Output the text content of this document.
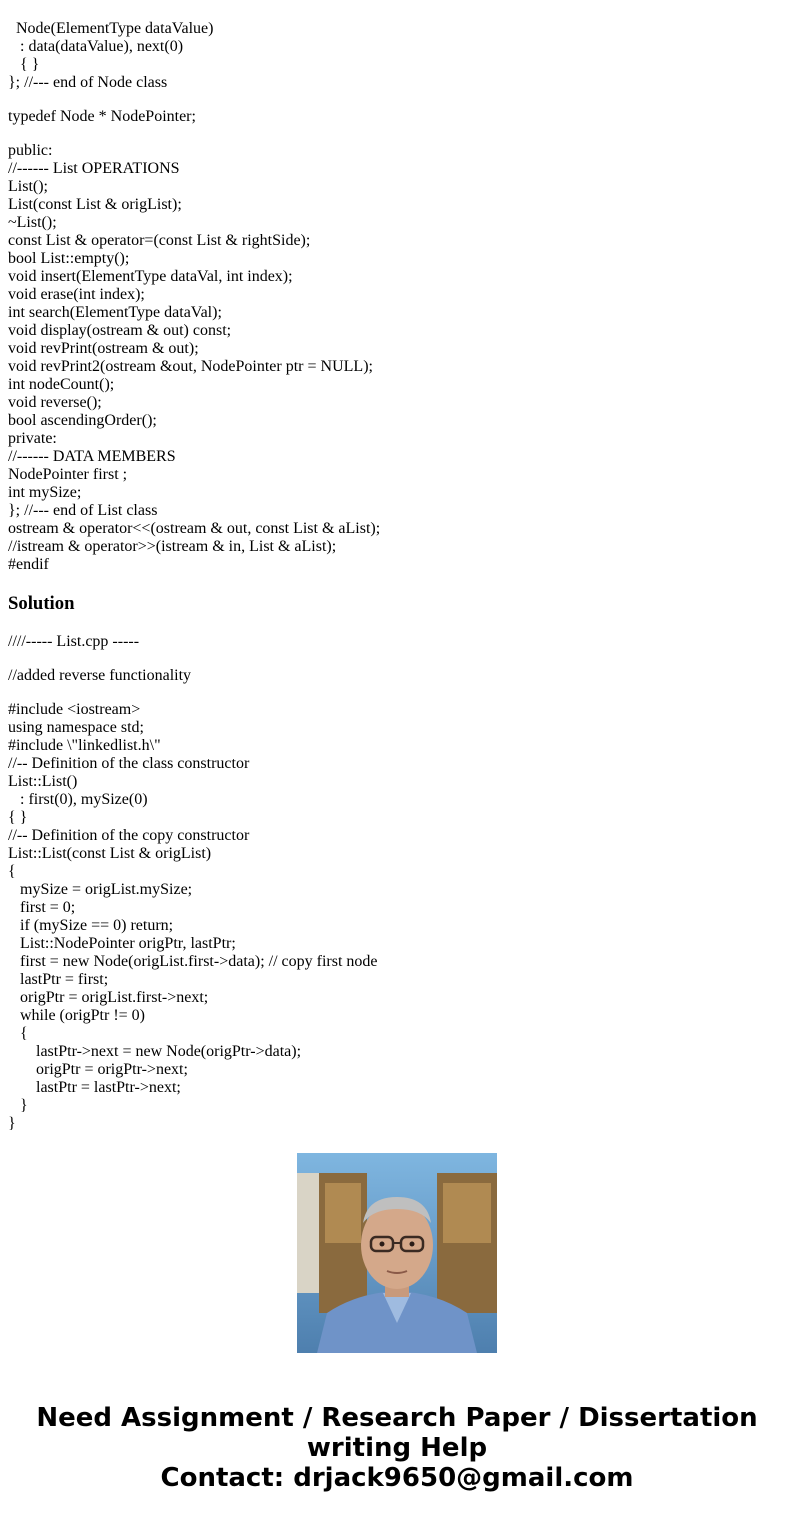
Node(ElementType dataValue)
: data(dataValue), next(0)
{ }
}; //--- end of Node class
typedef Node * NodePointer;
public:
//------ List OPERATIONS
List();
List(const List & origList);
~List();
const List & operator=(const List & rightSide);
bool List::empty();
void insert(ElementType dataVal, int index);
void erase(int index);
int search(ElementType dataVal);
void display(ostream & out) const;
void revPrint(ostream & out);
void revPrint2(ostream &out, NodePointer ptr = NULL);
int nodeCount();
void reverse();
bool ascendingOrder();
private:
//------ DATA MEMBERS
NodePointer first ;
int mySize;
}; //--- end of List class
ostream & operator<<(ostream & out, const List & aList);
//istream & operator>>(istream & in, List & aList);
#endif
Solution
////----- List.cpp -----
//added reverse functionality
#include <iostream>
using namespace std;
#include \"linkedlist.h\"
//-- Definition of the class constructor
List::List()
: first(0), mySize(0)
{ }
//-- Definition of the copy constructor
List::List(const List & origList)
{
mySize = origList.mySize;
first = 0;
if (mySize == 0) return;
List::NodePointer origPtr, lastPtr;
first = new Node(origList.first->data); // copy first node
lastPtr = first;
origPtr = origList.first->next;
while (origPtr != 0)
{
lastPtr->next = new Node(origPtr->data);
origPtr = origPtr->next;
lastPtr = lastPtr->next;
}
}
Need Assignment / Research Paper / Dissertation
writing Help
Contact: drjack9650@gmail.com
